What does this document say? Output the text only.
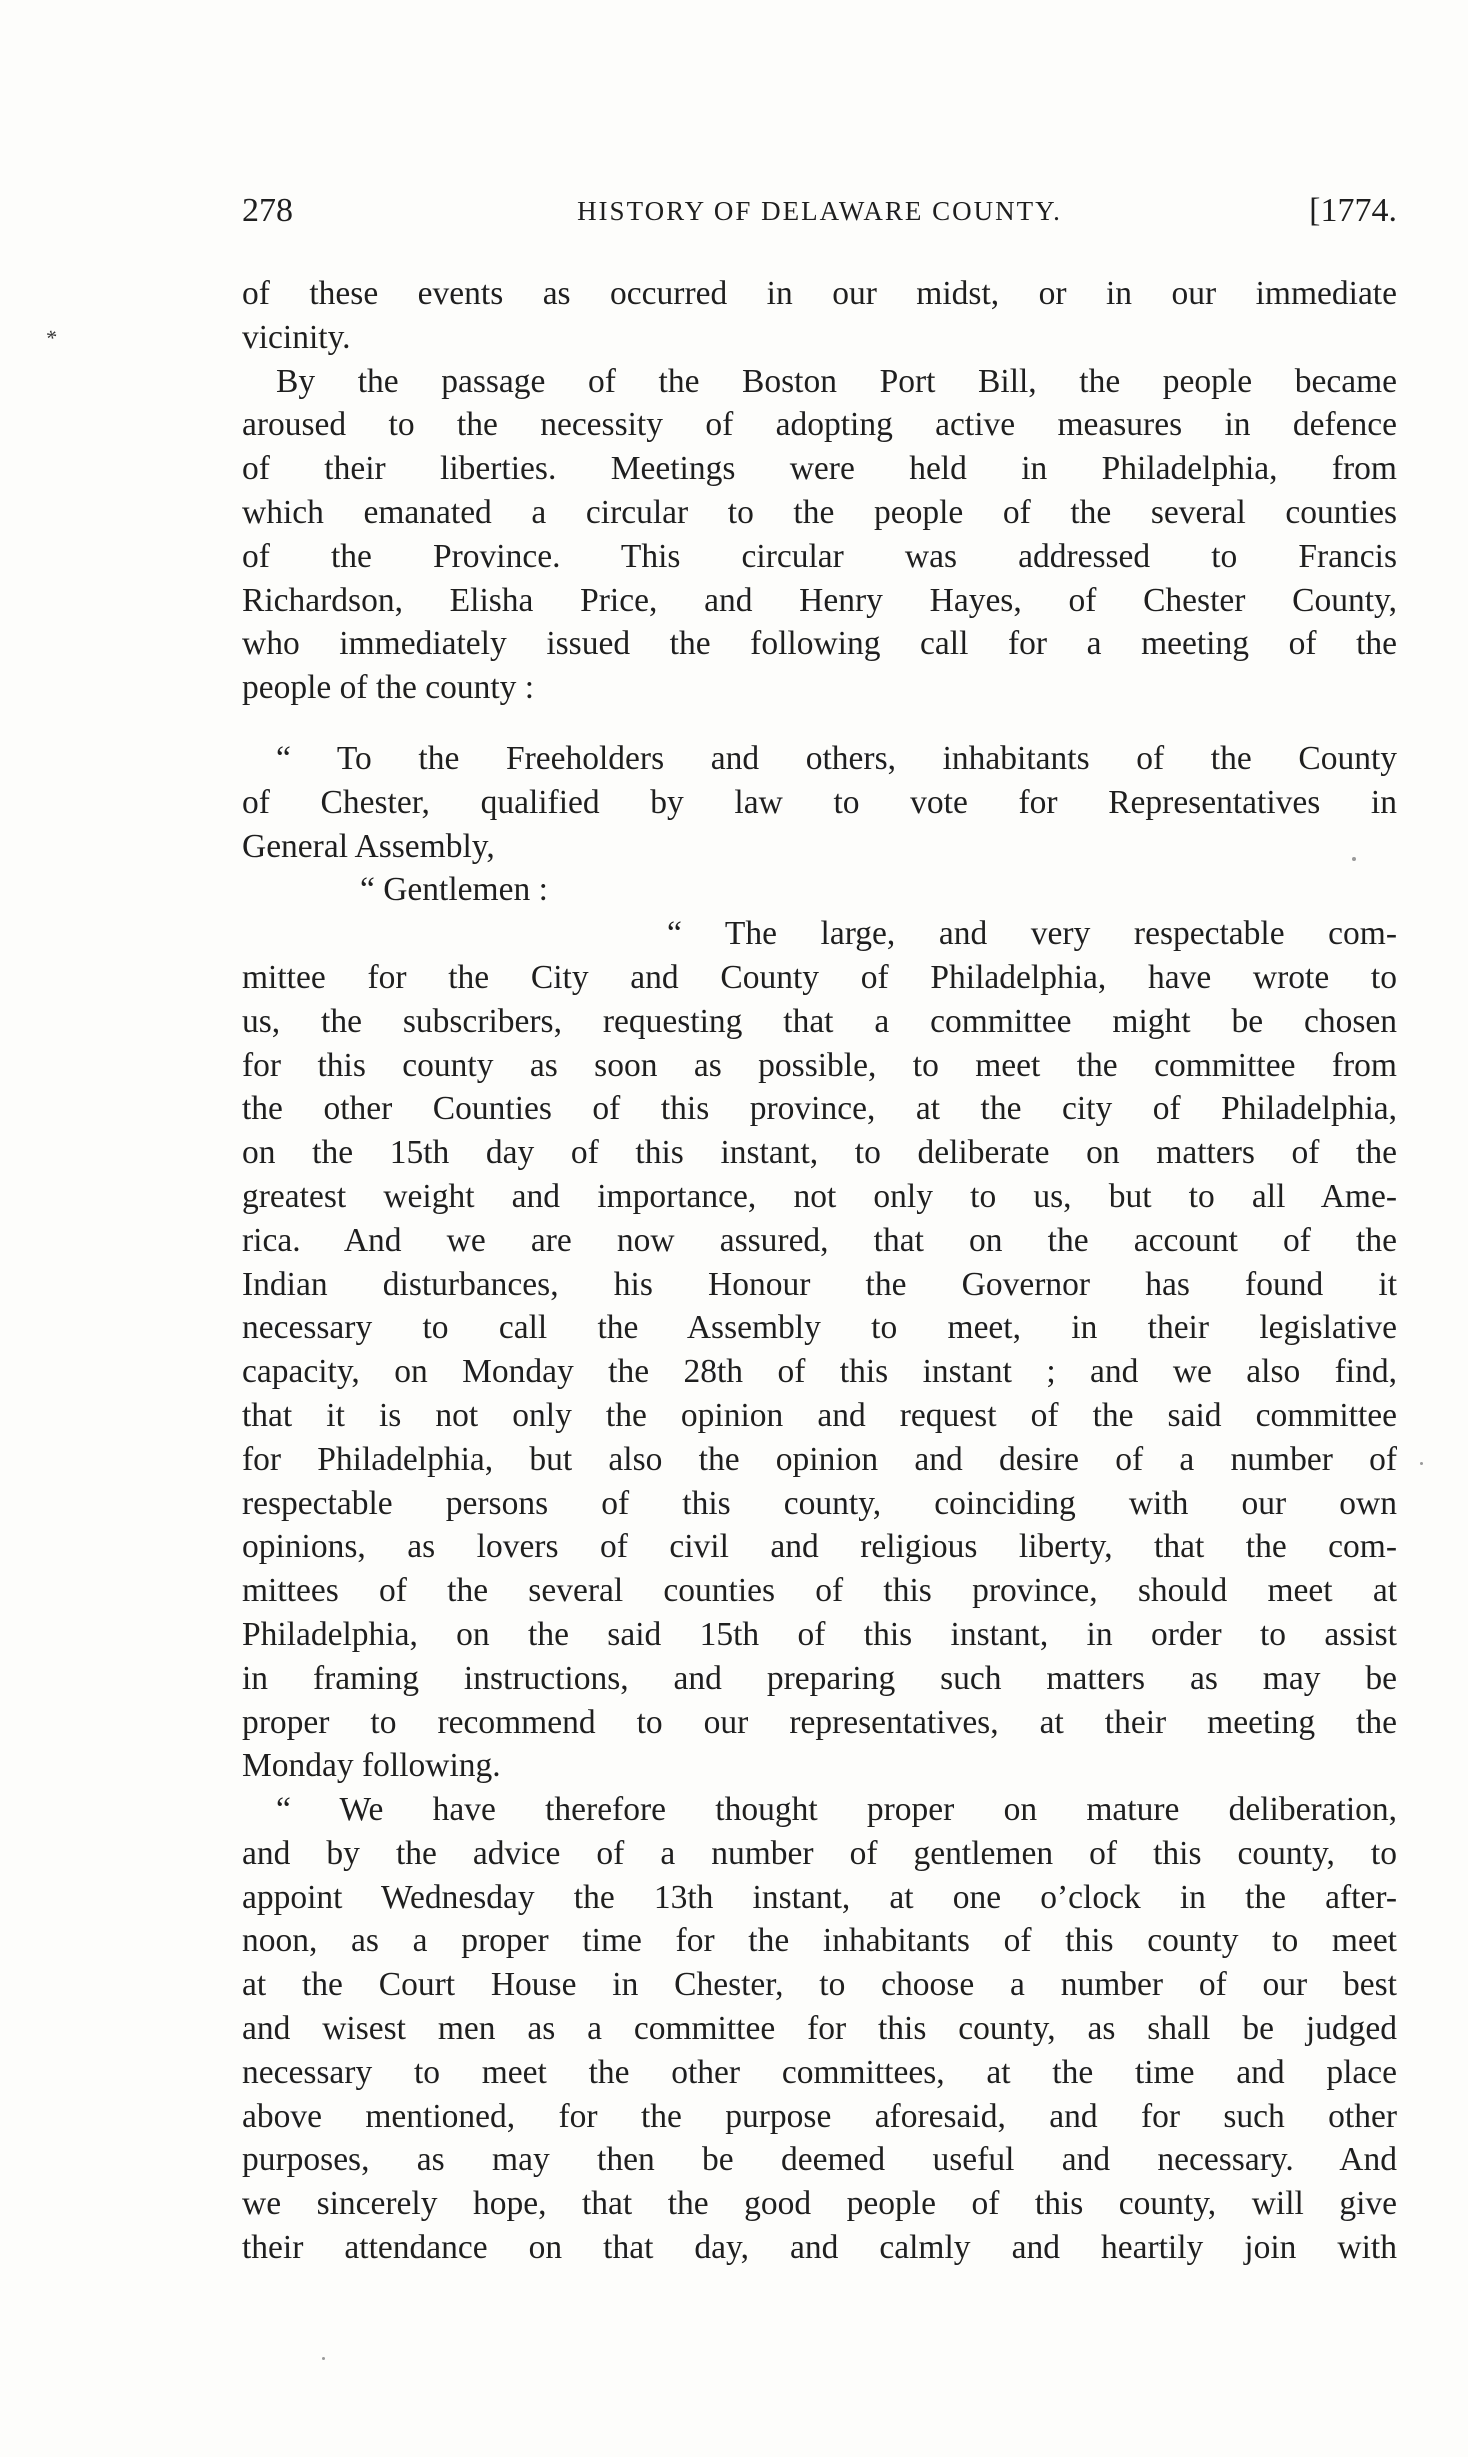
278	HISTORY OF DELAWARE COUNTY.	[1774.
*
of these events as occurred in our midst, or in our immediate
vicinity.
By the passage of the Boston Port Bill, the people became
aroused to the necessity of adopting active measures in defence
of their liberties. Meetings were held in Philadelphia, from
which emanated a circular to the people of the several counties
of the Province. This circular was addressed to Francis
Richardson, Elisha Price, and Henry Hayes, of Chester County,
who immediately issued the following call for a meeting of the
people of the county :
“ To the Freeholders and others, inhabitants of the County
of Chester, qualified by law to vote for Representatives in
General Assembly,
“ Gentlemen :
“ The large, and very respectable com-
mittee for the City and County of Philadelphia, have wrote to
us, the subscribers, requesting that a committee might be chosen
for this county as soon as possible, to meet the committee from
the other Counties of this province, at the city of Philadelphia,
on the 15th day of this instant, to deliberate on matters of the
greatest weight and importance, not only to us, but to all Ame-
rica. And we are now assured, that on the account of the
Indian disturbances, his Honour the Governor has found it
necessary to call the Assembly to meet, in their legislative
capacity, on Monday the 28th of this instant ; and we also find,
that it is not only the opinion and request of the said committee
for Philadelphia, but also the opinion and desire of a number of
respectable persons of this county, coinciding with our own
opinions, as lovers of civil and religious liberty, that the com-
mittees of the several counties of this province, should meet at
Philadelphia, on the said 15th of this instant, in order to assist
in framing instructions, and preparing such matters as may be
proper to recommend to our representatives, at their meeting the
Monday following.
“ We have therefore thought proper on mature deliberation,
and by the advice of a number of gentlemen of this county, to
appoint Wednesday the 13th instant, at one o’clock in the after-
noon, as a proper time for the inhabitants of this county to meet
at the Court House in Chester, to choose a number of our best
and wisest men as a committee for this county, as shall be judged
necessary to meet the other committees, at the time and place
above mentioned, for the purpose aforesaid, and for such other
purposes, as may then be deemed useful and necessary. And
we sincerely hope, that the good people of this county, will give
their attendance on that day, and calmly and heartily join with
